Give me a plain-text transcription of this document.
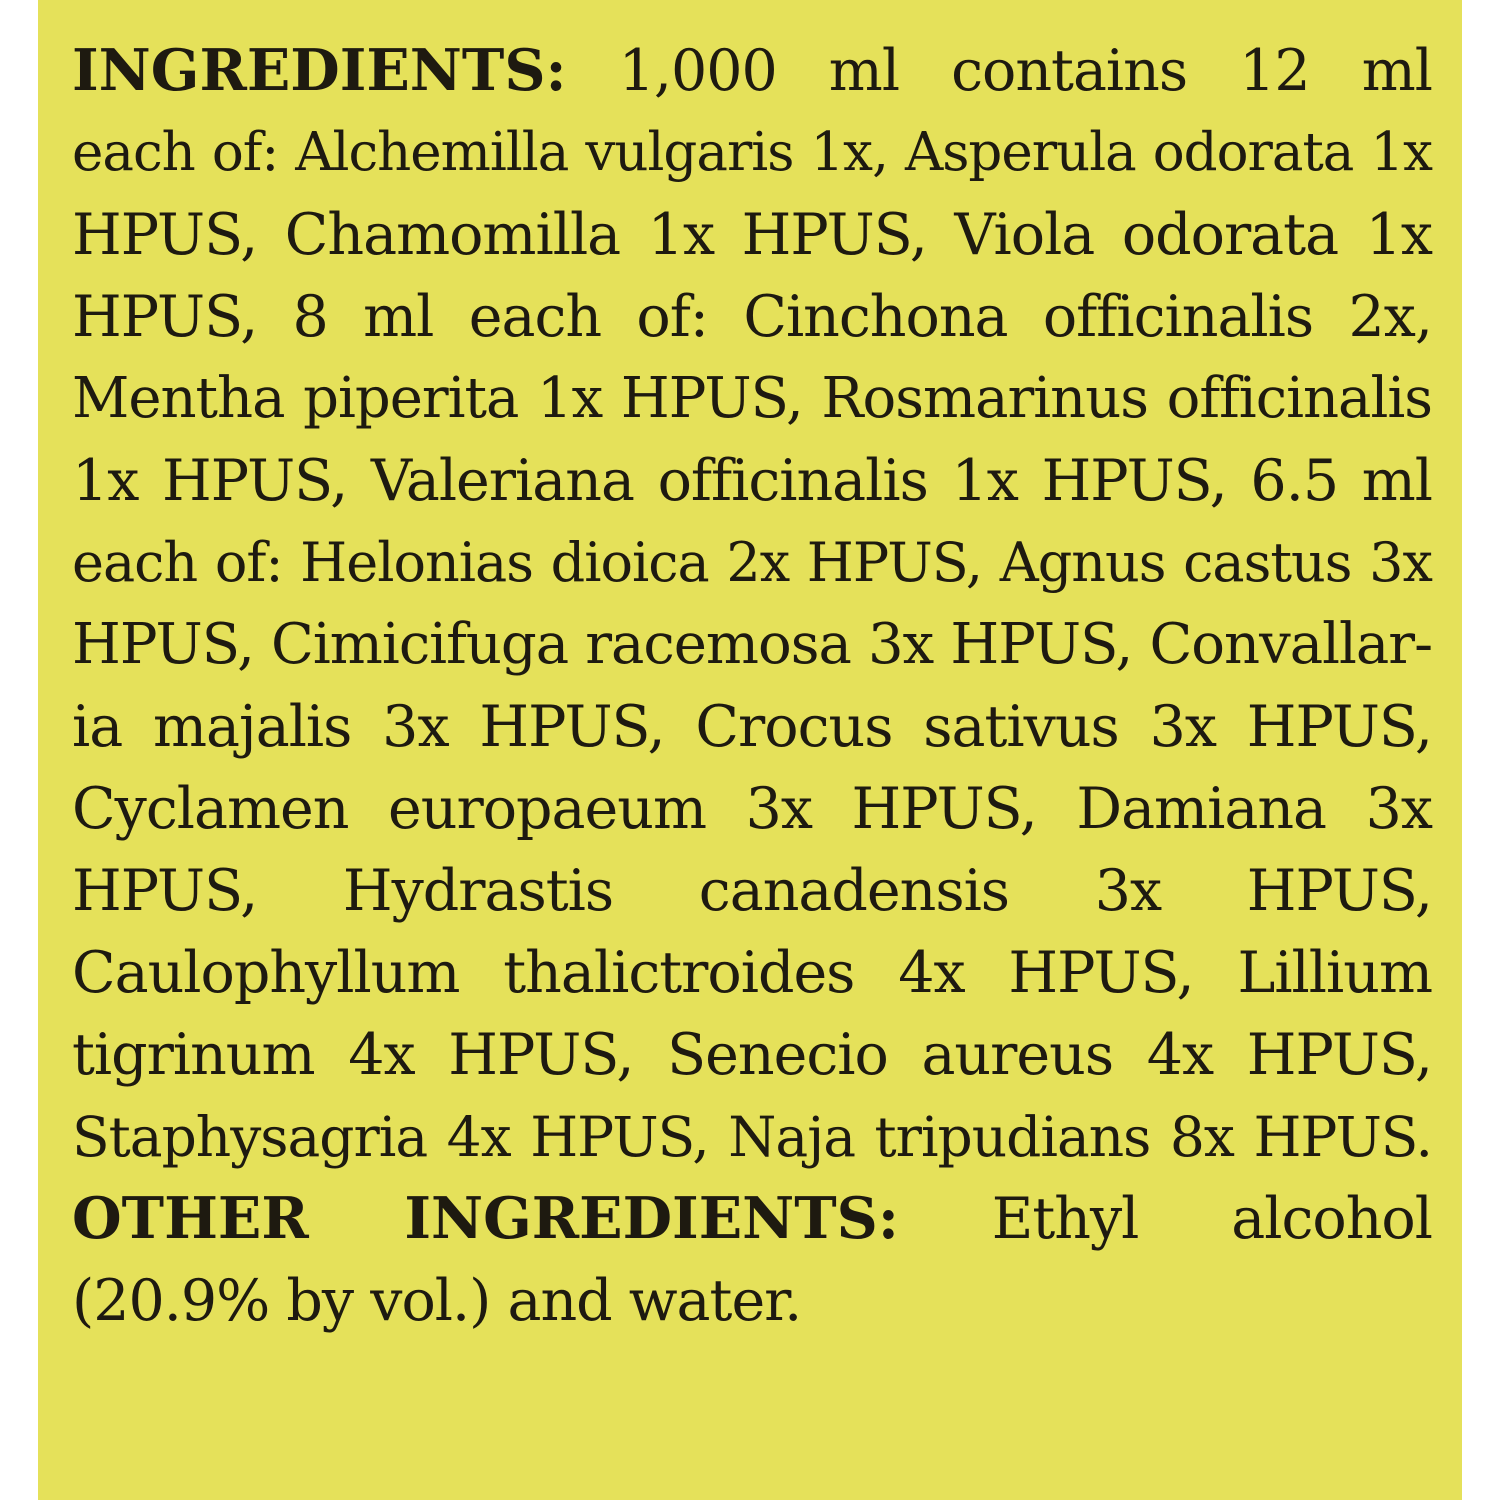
INGREDIENTS: 1,000 ml contains 12 ml
each of: Alchemilla vulgaris 1x, Asperula odorata 1x
HPUS, Chamomilla 1x HPUS, Viola odorata 1x
HPUS, 8 ml each of: Cinchona officinalis 2x,
Mentha piperita 1x HPUS, Rosmarinus officinalis
1x HPUS, Valeriana officinalis 1x HPUS, 6.5 ml
each of: Helonias dioica 2x HPUS, Agnus castus 3x
HPUS, Cimicifuga racemosa 3x HPUS, Convallar-
ia majalis 3x HPUS, Crocus sativus 3x HPUS,
Cyclamen europaeum 3x HPUS, Damiana 3x
HPUS, Hydrastis canadensis 3x HPUS,
Caulophyllum thalictroides 4x HPUS, Lillium
tigrinum 4x HPUS, Senecio aureus 4x HPUS,
Staphysagria 4x HPUS, Naja tripudians 8x HPUS.
OTHER INGREDIENTS: Ethyl alcohol
(20.9% by vol.) and water.
